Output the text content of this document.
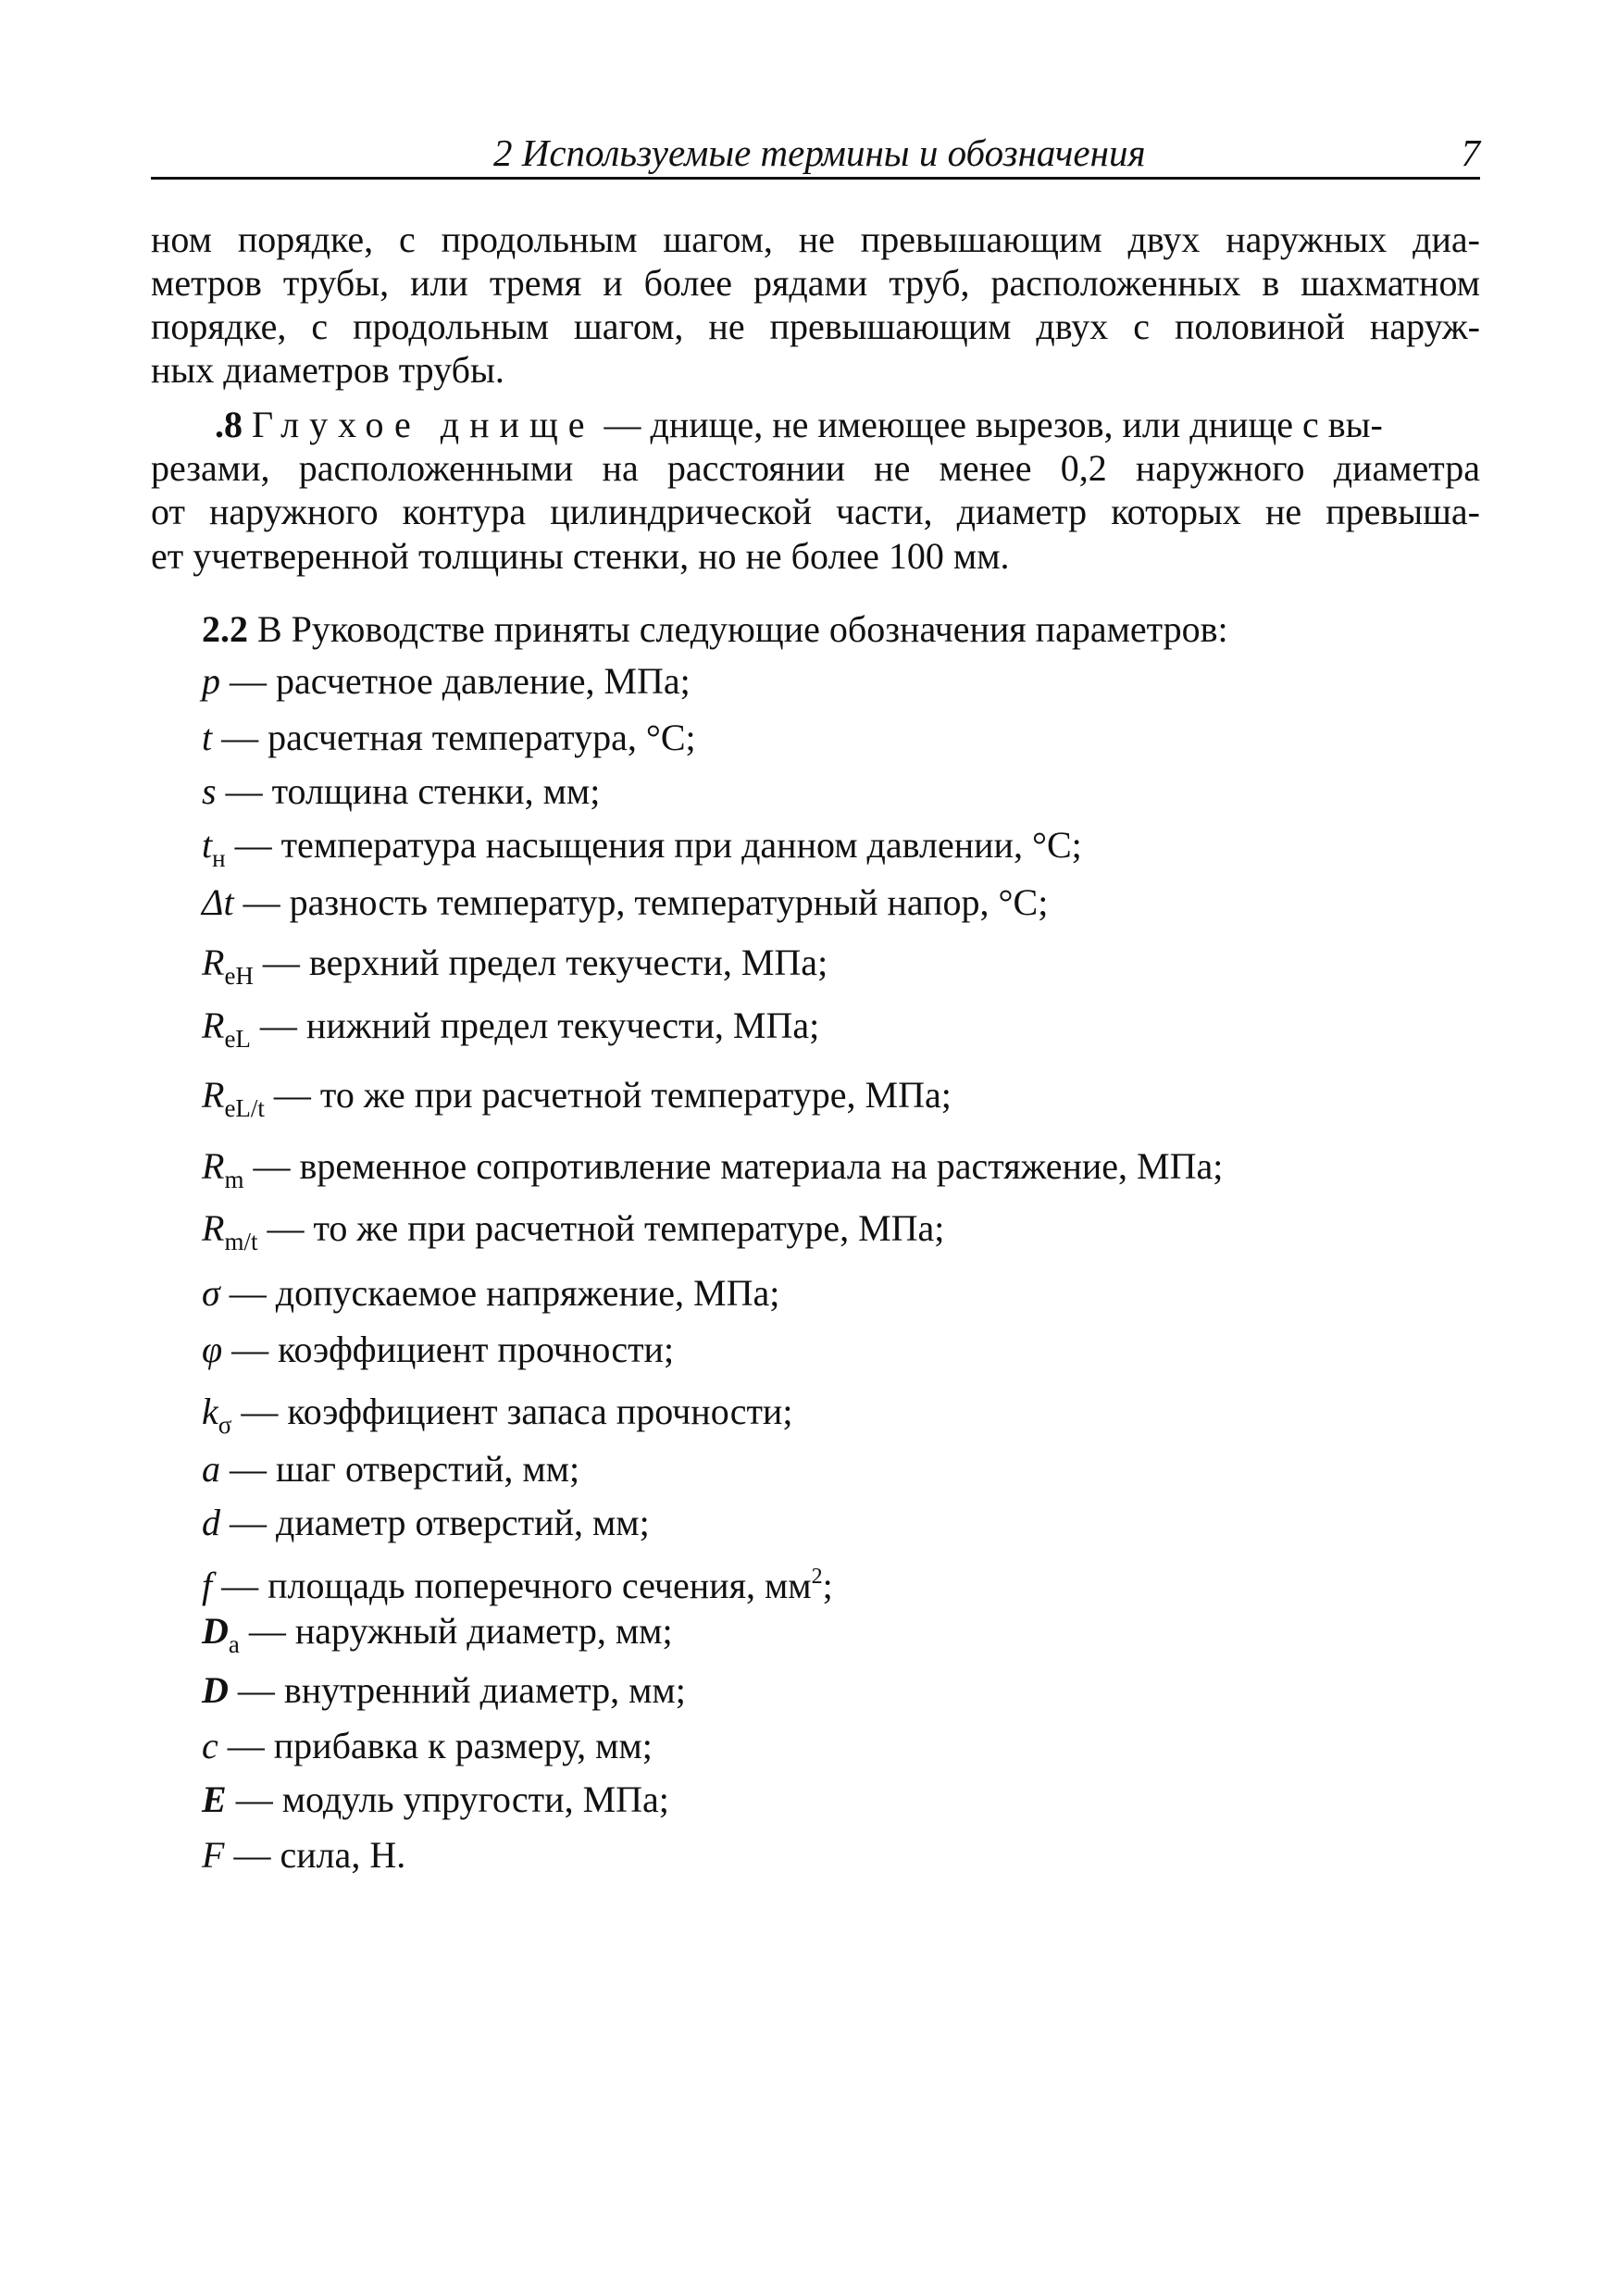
2 Используемые термины и обозначения	7
ном порядке, с продольным шагом, не превышающим двух наружных диа-
метров трубы, или тремя и более рядами труб, расположенных в шахматном
порядке, с продольным шагом, не превышающим двух с половиной наруж-
ных диаметров трубы.
.8 Глухое днище — днище, не имеющее вырезов, или днище с вы-
резами, расположенными на расстоянии не менее 0,2 наружного диаметра
от наружного контура цилиндрической части, диаметр которых не превыша-
ет учетверенной толщины стенки, но не более 100 мм.
2.2 В Руководстве приняты следующие обозначения параметров:
p — расчетное давление, МПа;
t — расчетная температура, °С;
s — толщина стенки, мм;
$t_н$ — температура насыщения при данном давлении, °С;
Δt — разность температур, температурный напор, °С;
$R_{eH}$ — верхний предел текучести, МПа;
$R_{eL}$ — нижний предел текучести, МПа;
$R_{eL/t}$ — то же при расчетной температуре, МПа;
$R_m$ — временное сопротивление материала на растяжение, МПа;
$R_{m/t}$ — то же при расчетной температуре, МПа;
σ — допускаемое напряжение, МПа;
φ — коэффициент прочности;
$k_\sigma$ — коэффициент запаса прочности;
a — шаг отверстий, мм;
d — диаметр отверстий, мм;
f — площадь поперечного сечения, $мм^2$;
$D_a$ — наружный диаметр, мм;
D — внутренний диаметр, мм;
c — прибавка к размеру, мм;
E — модуль упругости, МПа;
F — сила, Н.
